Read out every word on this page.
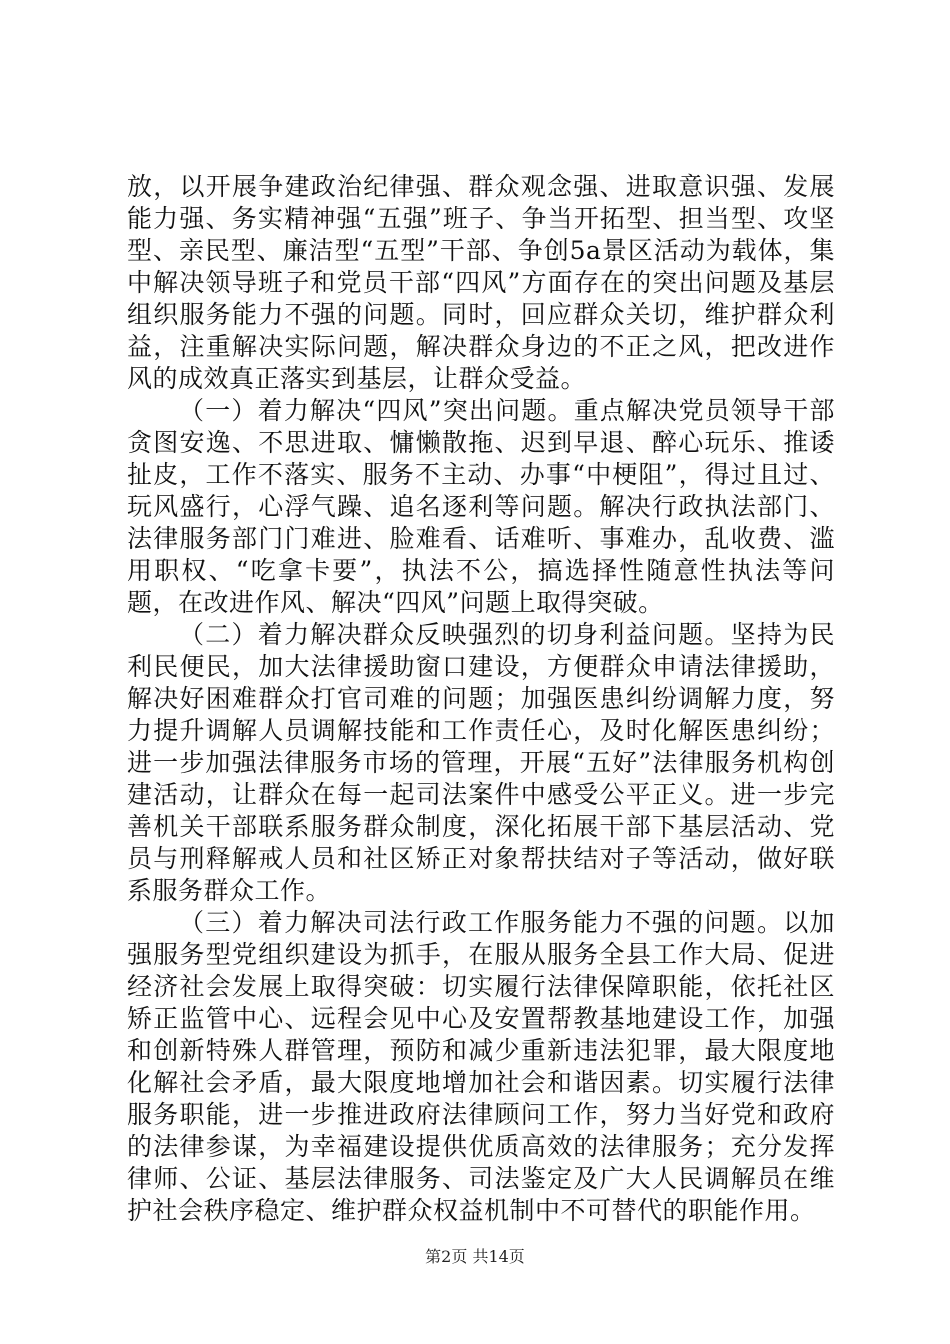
放，以开展争建政治纪律强、群众观念强、进取意识强、发展能力强、务实精神强“五强”班子、争当开拓型、担当型、攻坚型、亲民型、廉洁型“五型”干部、争创5a景区活动为载体，集中解决领导班子和党员干部“四风”方面存在的突出问题及基层组织服务能力不强的问题。同时，回应群众关切，维护群众利益，注重解决实际问题，解决群众身边的不正之风，把改进作风的成效真正落实到基层，让群众受益。

（一）着力解决“四风”突出问题。重点解决党员领导干部贪图安逸、不思进取、慵懒散拖、迟到早退、醉心玩乐、推诿扯皮，工作不落实、服务不主动、办事“中梗阻”，得过且过、玩风盛行，心浮气躁、追名逐利等问题。解决行政执法部门、法律服务部门门难进、脸难看、话难听、事难办，乱收费、滥用职权、“吃拿卡要”，执法不公，搞选择性随意性执法等问题，在改进作风、解决“四风”问题上取得突破。

（二）着力解决群众反映强烈的切身利益问题。坚持为民利民便民，加大法律援助窗口建设，方便群众申请法律援助，解决好困难群众打官司难的问题；加强医患纠纷调解力度，努力提升调解人员调解技能和工作责任心，及时化解医患纠纷；进一步加强法律服务市场的管理，开展“五好”法律服务机构创建活动，让群众在每一起司法案件中感受公平正义。进一步完善机关干部联系服务群众制度，深化拓展干部下基层活动、党员与刑释解戒人员和社区矫正对象帮扶结对子等活动，做好联系服务群众工作。

（三）着力解决司法行政工作服务能力不强的问题。以加强服务型党组织建设为抓手，在服从服务全县工作大局、促进经济社会发展上取得突破：切实履行法律保障职能，依托社区矫正监管中心、远程会见中心及安置帮教基地建设工作，加强和创新特殊人群管理，预防和减少重新违法犯罪，最大限度地化解社会矛盾，最大限度地增加社会和谐因素。切实履行法律服务职能，进一步推进政府法律顾问工作，努力当好党和政府的法律参谋，为幸福建设提供优质高效的法律服务；充分发挥律师、公证、基层法律服务、司法鉴定及广大人民调解员在维护社会秩序稳定、维护群众权益机制中不可替代的职能作用。

第2页 共14页
